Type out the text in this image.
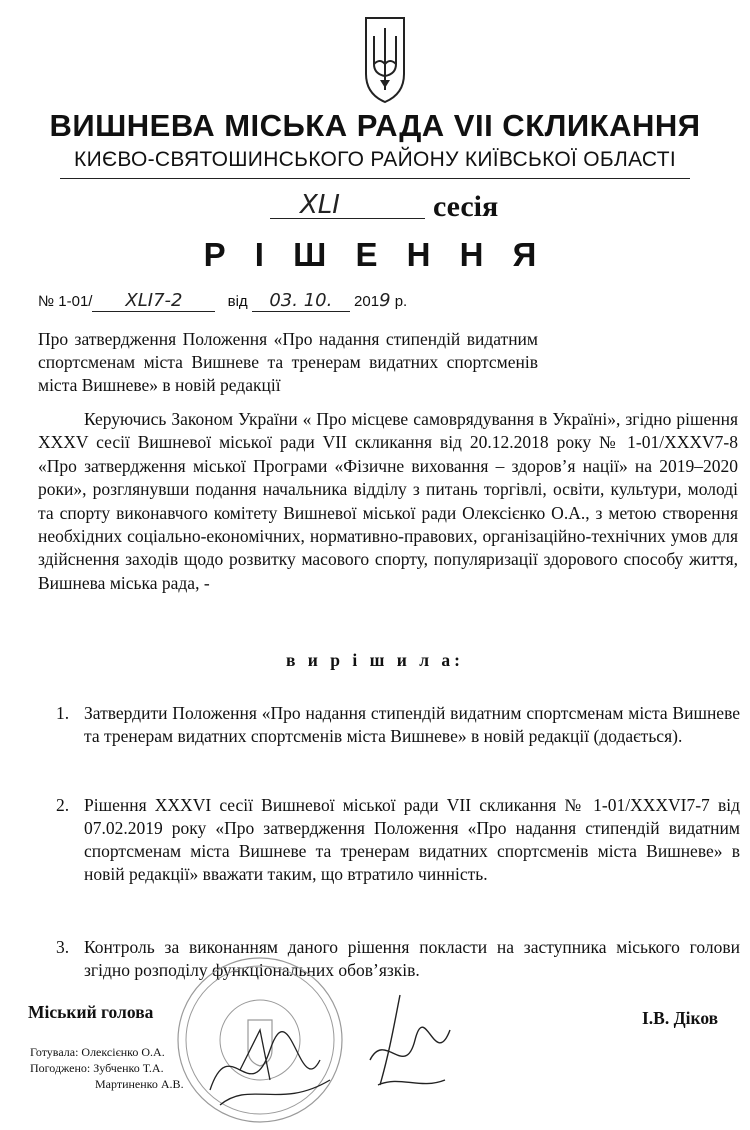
ВИШНЕВА МІСЬКА РАДА VII СКЛИКАННЯ
КИЄВО-СВЯТОШИНСЬКОГО РАЙОНУ КИЇВСЬКОЇ ОБЛАСТІ
XLI	сесія
Р І Ш Е Н Н Я
№ 1-01/ XLI7-2	від 03. 10. 2019 р.
Про затвердження Положення «Про надання стипендій видатним спортсменам міста Вишневе та тренерам видатних спортсменів міста Вишневе» в новій редакції

Керуючись Законом України « Про місцеве самоврядування в Україні», згідно рішення XXXV сесії Вишневої міської ради VII скликання від 20.12.2018 року № 1-01/XXXV7-8 «Про затвердження міської Програми «Фізичне виховання – здоров’я нації» на 2019–2020 роки», розглянувши подання начальника відділу з питань торгівлі, освіти, культури, молоді та спорту виконавчого комітету Вишневої міської ради Олексієнко О.А., з метою створення необхідних соціально-економічних, нормативно-правових, організаційно-технічних умов для здійснення заходів щодо розвитку масового спорту, популяризації здорового способу життя, Вишнева міська рада, -

в и р і ш и л а:
1. Затвердити Положення «Про надання стипендій видатним спортсменам міста Вишневе та тренерам видатних спортсменів міста Вишневе» в новій редакції (додається).
2. Рішення XXXVI сесії Вишневої міської ради VII скликання № 1-01/XXXVI7-7 від 07.02.2019 року «Про затвердження Положення «Про надання стипендій видатним спортсменам міста Вишневе та тренерам видатних спортсменів міста Вишневе» в новій редакції» вважати таким, що втратило чинність.
3. Контроль за виконанням даного рішення покласти на заступника міського голови згідно розподілу функціональних обов’язків.
Міський голова	І.В. Діков
Готувала: Олексієнко О.А.
Погоджено: Зубченко Т.А.
Мартиненко А.В.
